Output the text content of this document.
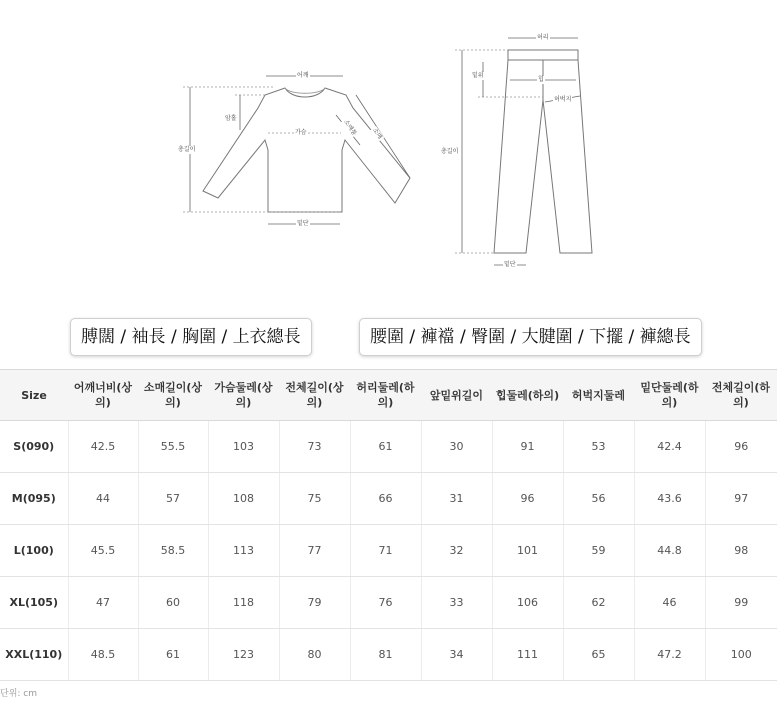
어깨
암홀
총길이
가슴	소매통 소매
밑단
허리
밑위
힙
허벅지
총길이
밑단
膊闊 / 袖長 / 胸圍 / 上衣總長	腰圍 / 褲襠 / 臀圍 / 大腱圍 / 下擺 / 褲總長
Size	어깨너비(상의)	소매길이(상의)	가슴둘레(상의)	전체길이(상의)	허리둘레(하의)	앞밑위길이	힙둘레(하의)	허벅지둘레	밑단둘레(하의)	전체길이(하의)
S(090)	42.5	55.5	103	73	61	30	91	53	42.4	96
M(095)	44	57	108	75	66	31	96	56	43.6	97
L(100)	45.5	58.5	113	77	71	32	101	59	44.8	98
XL(105)	47	60	118	79	76	33	106	62	46	99
XXL(110)	48.5	61	123	80	81	34	111	65	47.2	100
단위: cm
